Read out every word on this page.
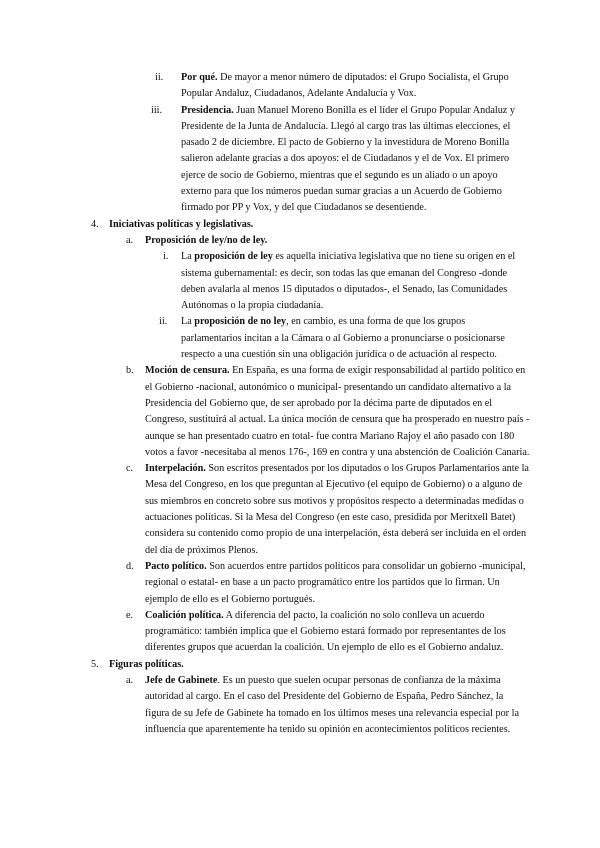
ii. Por qué. De mayor a menor número de diputados: el Grupo Socialista, el Grupo Popular Andaluz, Ciudadanos, Adelante Andalucía y Vox.
iii. Presidencia. Juan Manuel Moreno Bonilla es el líder el Grupo Popular Andaluz y Presidente de la Junta de Andalucía. Llegó al cargo tras las últimas elecciones, el pasado 2 de diciembre. El pacto de Gobierno y la investidura de Moreno Bonilla salieron adelante gracias a dos apoyos: el de Ciudadanos y el de Vox. El primero ejerce de socio de Gobierno, mientras que el segundo es un aliado o un apoyo externo para que los números puedan sumar gracias a un Acuerdo de Gobierno firmado por PP y Vox, y del que Ciudadanos se desentiende.
4. Iniciativas políticas y legislativas.
a. Proposición de ley/no de ley.
i. La proposición de ley es aquella iniciativa legislativa que no tiene su origen en el sistema gubernamental: es decir, son todas las que emanan del Congreso -donde deben avalarla al menos 15 diputados o diputados-, el Senado, las Comunidades Autónomas o la propia ciudadanía.
ii. La proposición de no ley, en cambio, es una forma de que los grupos parlamentarios incitan a la Cámara o al Gobierno a pronunciarse o posicionarse respecto a una cuestión sin una obligación jurídica o de actuación al respecto.
b. Moción de censura. En España, es una forma de exigir responsabilidad al partido político en el Gobierno -nacional, autonómico o municipal- presentando un candidato alternativo a la Presidencia del Gobierno que, de ser aprobado por la décima parte de diputados en el Congreso, sustituirá al actual. La única moción de censura que ha prosperado en nuestro país -aunque se han presentado cuatro en total- fue contra Mariano Rajoy el año pasado con 180 votos a favor -necesitaba al menos 176-, 169 en contra y una abstención de Coalición Canaria.
c. Interpelación. Son escritos presentados por los diputados o los Grupos Parlamentarios ante la Mesa del Congreso, en los que preguntan al Ejecutivo (el equipo de Gobierno) o a alguno de sus miembros en concreto sobre sus motivos y propósitos respecto a determinadas medidas o actuaciones políticas. Si la Mesa del Congreso (en este caso, presidida por Meritxell Batet) considera su contenido como propio de una interpelación, ésta deberá ser incluida en el orden del día de próximos Plenos.
d. Pacto político. Son acuerdos entre partidos políticos para consolidar un gobierno -municipal, regional o estatal- en base a un pacto programático entre los partidos que lo firman. Un ejemplo de ello es el Gobierno portugués.
e. Coalición política. A diferencia del pacto, la coalición no solo conlleva un acuerdo programático: también implica que el Gobierno estará formado por representantes de los diferentes grupos que acuerdan la coalición. Un ejemplo de ello es el Gobierno andaluz.
5. Figuras políticas.
a. Jefe de Gabinete. Es un puesto que suelen ocupar personas de confianza de la máxima autoridad al cargo. En el caso del Presidente del Gobierno de España, Pedro Sánchez, la figura de su Jefe de Gabinete ha tomado en los últimos meses una relevancia especial por la influencia que aparentemente ha tenido su opinión en acontecimientos políticos recientes.
